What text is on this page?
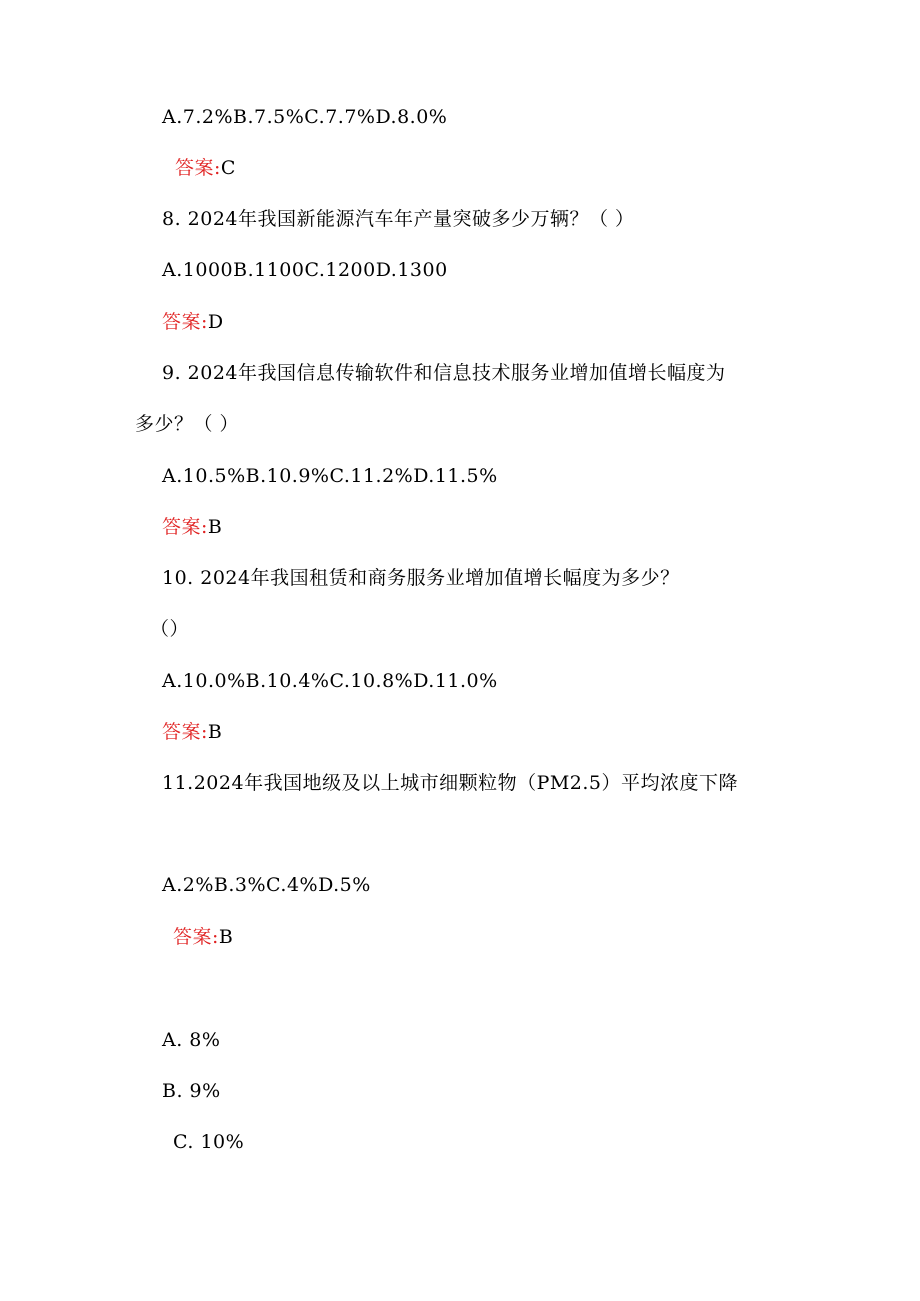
A.7.2%B.7.5%C.7.7%D.8.0%
答案:C
8. 2024年我国新能源汽车年产量突破多少万辆？（ ）
A.1000B.1100C.1200D.1300
答案:D
9. 2024年我国信息传输软件和信息技术服务业增加值增长幅度为
多少？（ ）
A.10.5%B.10.9%C.11.2%D.11.5%
答案:B
10. 2024年我国租赁和商务服务业增加值增长幅度为多少？
（）
A.10.0%B.10.4%C.10.8%D.11.0%
答案:B
11.2024年我国地级及以上城市细颗粒物（PM2.5）平均浓度下降
A.2%B.3%C.4%D.5%
答案:B
A. 8%
B. 9%
C. 10%
